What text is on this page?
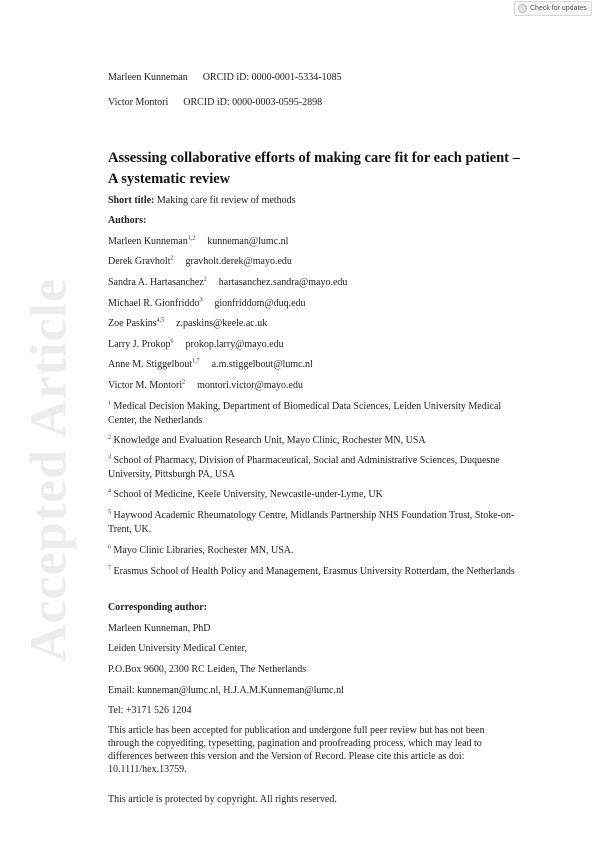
Accepted Article
Check for updates
Marleen Kunneman ORCID iD: 0000-0001-5334-1085
Victor Montori ORCID iD: 0000-0003-0595-2898
Assessing collaborative efforts of making care fit for each patient – A systematic review
Short title: Making care fit review of methods
Authors:
Marleen Kunneman$^{1,2}$ kunneman@lumc.nl
Derek Gravholt$^2$ gravholt.derek@mayo.edu
Sandra A. Hartasanchez$^2$ hartasanchez.sandra@mayo.edu
Michael R. Gionfriddo$^3$ gionfriddom@duq.edu
Zoe Paskins$^{4,5}$ z.paskins@keele.ac.uk
Larry J. Prokop$^6$ prokop.larry@mayo.edu
Anne M. Stiggelbout$^{1,7}$ a.m.stiggelbout@lumc.nl
Victor M. Montori$^2$ montori.victor@mayo.edu
$^1$ Medical Decision Making, Department of Biomedical Data Sciences, Leiden University Medical Center, the Netherlands
$^2$ Knowledge and Evaluation Research Unit, Mayo Clinic, Rochester MN, USA
$^3$ School of Pharmacy, Division of Pharmaceutical, Social and Administrative Sciences, Duquesne University, Pittsburgh PA, USA
$^4$ School of Medicine, Keele University, Newcastle-under-Lyme, UK
$^5$ Haywood Academic Rheumatology Centre, Midlands Partnership NHS Foundation Trust, Stoke-on-Trent, UK.
$^6$ Mayo Clinic Libraries, Rochester MN, USA.
$^7$ Erasmus School of Health Policy and Management, Erasmus University Rotterdam, the Netherlands
Corresponding author:
Marleen Kunneman, PhD
Leiden University Medical Center,
P.O.Box 9600, 2300 RC Leiden, The Netherlands
Email: kunneman@lumc.nl, H.J.A.M.Kunneman@lumc.nl
Tel: +3171 526 1204
This article has been accepted for publication and undergone full peer review but has not been through the copyediting, typesetting, pagination and proofreading process, which may lead to differences between this version and the Version of Record. Please cite this article as doi: 10.1111/hex.13759.
This article is protected by copyright. All rights reserved.
